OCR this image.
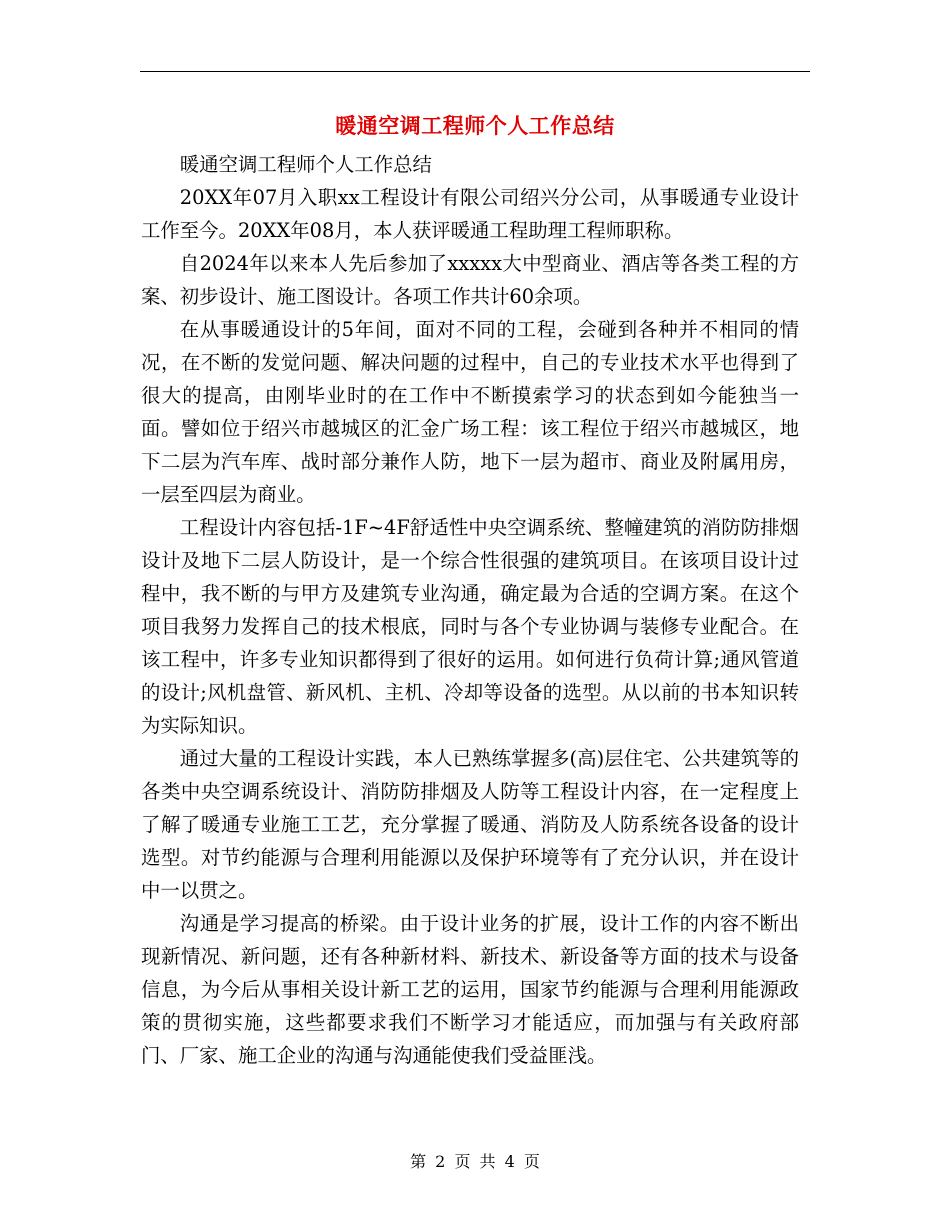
暖通空调工程师个人工作总结

暖通空调工程师个人工作总结

20XX年07月入职xx工程设计有限公司绍兴分公司，从事暖通专业设计工作至今。20XX年08月，本人获评暖通工程助理工程师职称。

自2024年以来本人先后参加了xxxxx大中型商业、酒店等各类工程的方案、初步设计、施工图设计。各项工作共计60余项。

在从事暖通设计的5年间，面对不同的工程，会碰到各种并不相同的情况，在不断的发觉问题、解决问题的过程中，自己的专业技术水平也得到了很大的提高，由刚毕业时的在工作中不断摸索学习的状态到如今能独当一面。譬如位于绍兴市越城区的汇金广场工程：该工程位于绍兴市越城区，地下二层为汽车库、战时部分兼作人防，地下一层为超市、商业及附属用房，一层至四层为商业。

工程设计内容包括-1F~4F舒适性中央空调系统、整幢建筑的消防防排烟设计及地下二层人防设计，是一个综合性很强的建筑项目。在该项目设计过程中，我不断的与甲方及建筑专业沟通，确定最为合适的空调方案。在这个项目我努力发挥自己的技术根底，同时与各个专业协调与装修专业配合。在该工程中，许多专业知识都得到了很好的运用。如何进行负荷计算;通风管道的设计;风机盘管、新风机、主机、冷却等设备的选型。从以前的书本知识转为实际知识。

通过大量的工程设计实践，本人已熟练掌握多(高)层住宅、公共建筑等的各类中央空调系统设计、消防防排烟及人防等工程设计内容，在一定程度上了解了暖通专业施工工艺，充分掌握了暖通、消防及人防系统各设备的设计选型。对节约能源与合理利用能源以及保护环境等有了充分认识，并在设计中一以贯之。

沟通是学习提高的桥梁。由于设计业务的扩展，设计工作的内容不断出现新情况、新问题，还有各种新材料、新技术、新设备等方面的技术与设备信息，为今后从事相关设计新工艺的运用，国家节约能源与合理利用能源政策的贯彻实施，这些都要求我们不断学习才能适应，而加强与有关政府部门、厂家、施工企业的沟通与沟通能使我们受益匪浅。

第 2 页 共 4 页
